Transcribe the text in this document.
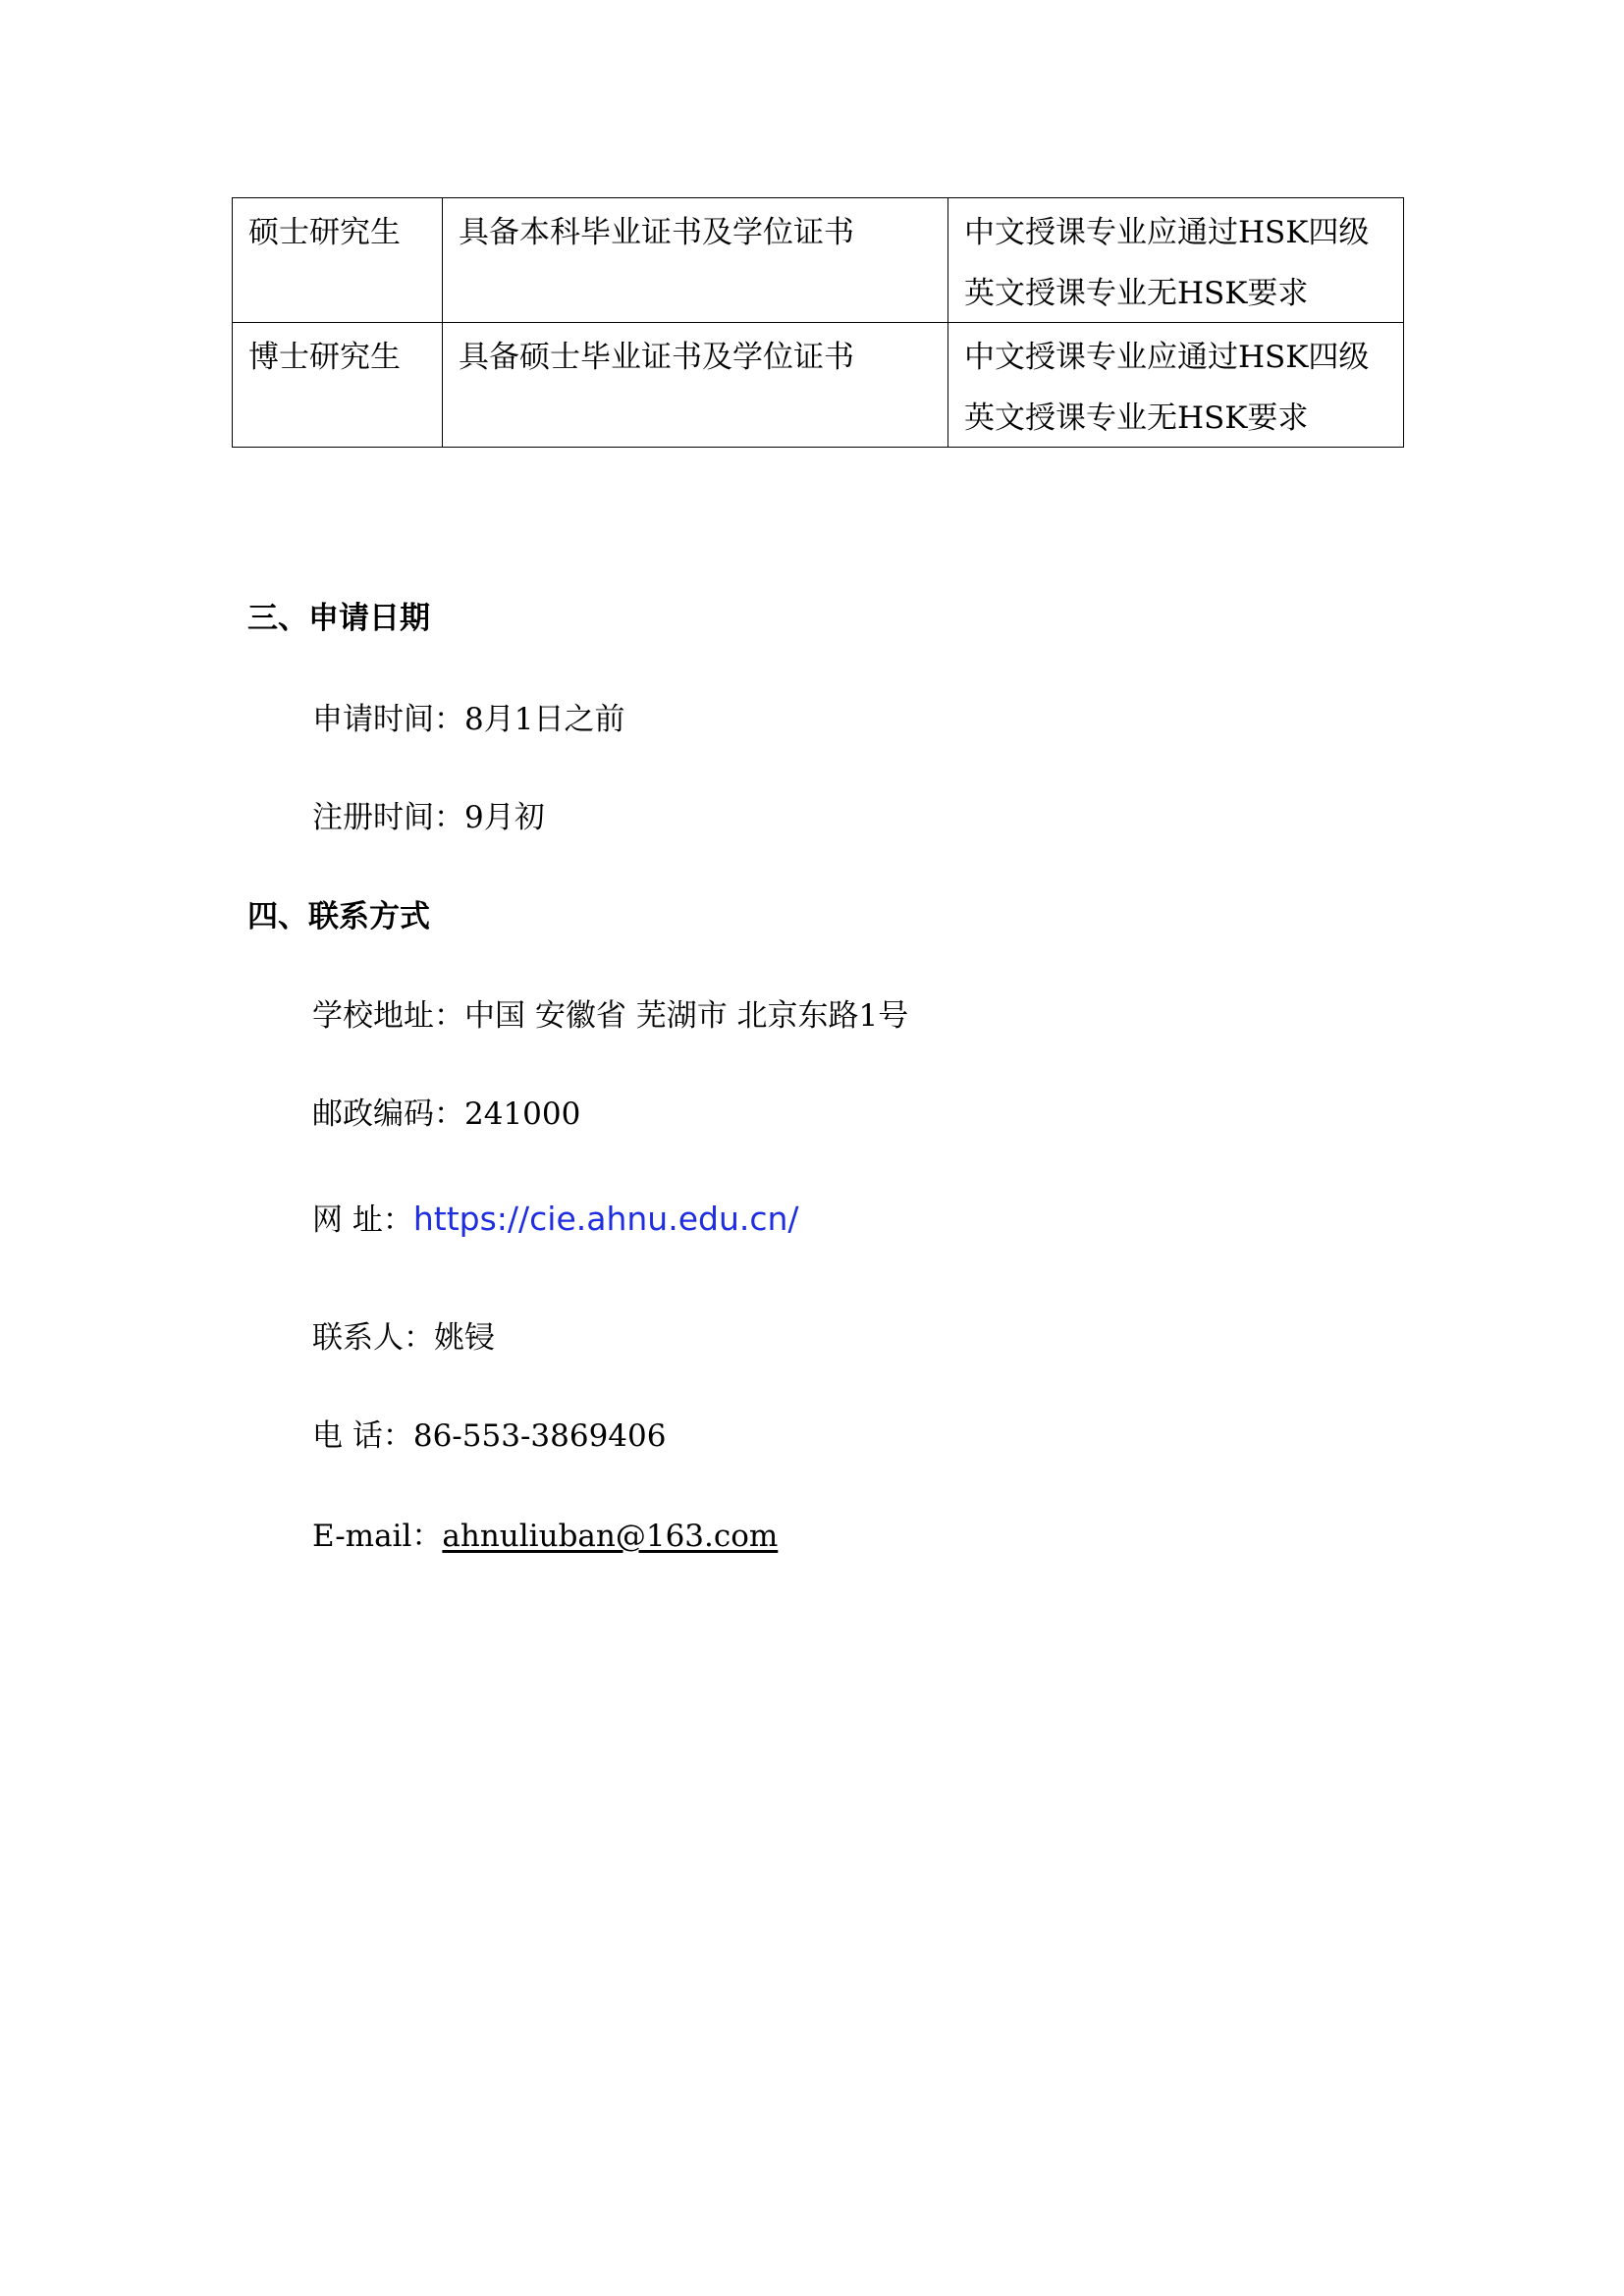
硕士研究生	具备本科毕业证书及学位证书	中文授课专业应通过HSK四级
英文授课专业无HSK要求

博士研究生	具备硕士毕业证书及学位证书	中文授课专业应通过HSK四级
英文授课专业无HSK要求
三、申请日期
申请时间：8月1日之前
注册时间：9月初
四、联系方式
学校地址：中国 安徽省 芜湖市 北京东路1号
邮政编码：241000
网 址：https://cie.ahnu.edu.cn/
联系人：姚锓
电 话：86-553-3869406
E-mail：ahnuliuban@163.com
